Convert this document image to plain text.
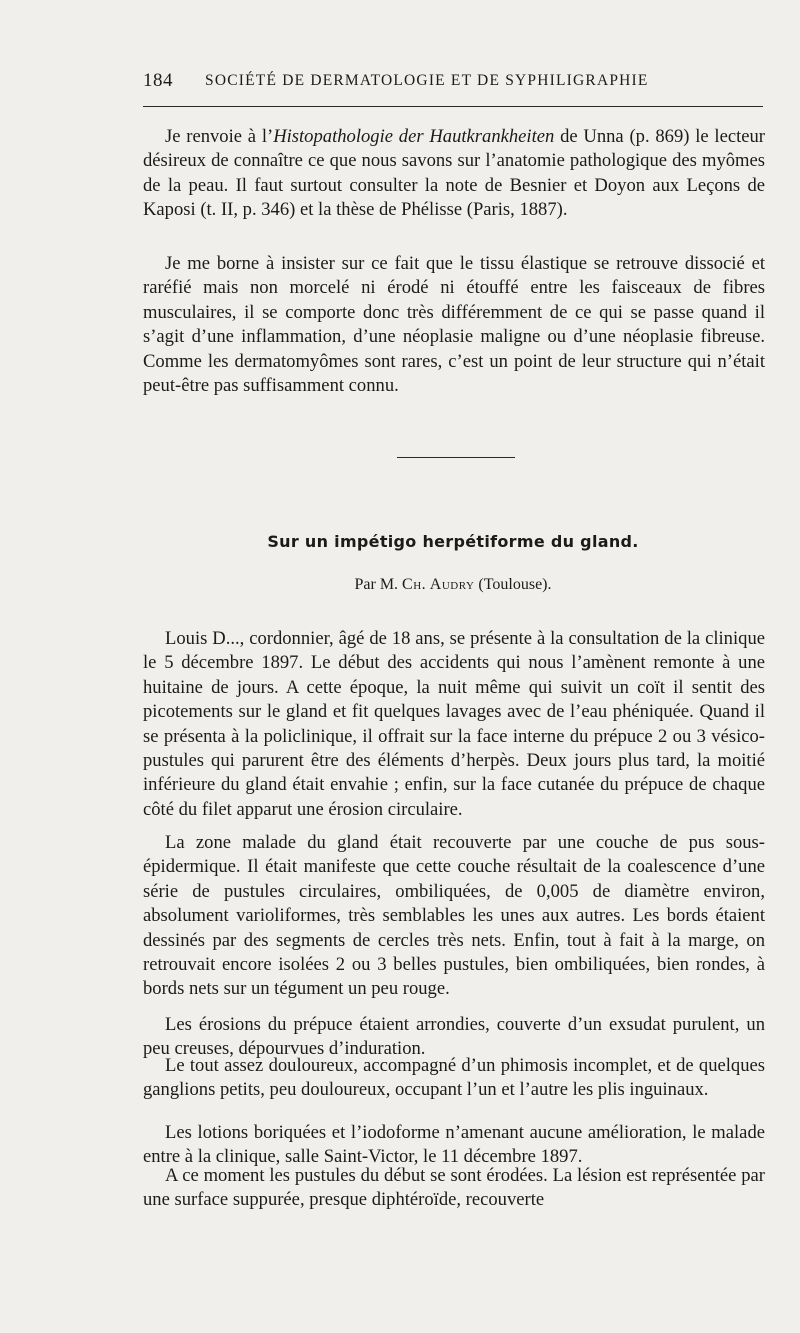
184 SOCIÉTÉ DE DERMATOLOGIE ET DE SYPHILIGRAPHIE

Je renvoie à l’Histopathologie der Hautkrankheiten de Unna (p. 869) le lecteur désireux de connaître ce que nous savons sur l’anatomie pathologique des myômes de la peau. Il faut surtout consulter la note de Besnier et Doyon aux Leçons de Kaposi (t. II, p. 346) et la thèse de Phélisse (Paris, 1887).

Je me borne à insister sur ce fait que le tissu élastique se retrouve dissocié et raréfié mais non morcelé ni érodé ni étouffé entre les faisceaux de fibres musculaires, il se comporte donc très différemment de ce qui se passe quand il s’agit d’une inflammation, d’une néoplasie maligne ou d’une néoplasie fibreuse. Comme les dermatomyômes sont rares, c’est un point de leur structure qui n’était peut-être pas suffisamment connu.

Sur un impétigo herpétiforme du gland.
Par M. Ch. Audry (Toulouse).

Louis D..., cordonnier, âgé de 18 ans, se présente à la consultation de la clinique le 5 décembre 1897. Le début des accidents qui nous l’amènent remonte à une huitaine de jours. A cette époque, la nuit même qui suivit un coït il sentit des picotements sur le gland et fit quelques lavages avec de l’eau phéniquée. Quand il se présenta à la policlinique, il offrait sur la face interne du prépuce 2 ou 3 vésico-pustules qui parurent être des éléments d’herpès. Deux jours plus tard, la moitié inférieure du gland était envahie ; enfin, sur la face cutanée du prépuce de chaque côté du filet apparut une érosion circulaire.

La zone malade du gland était recouverte par une couche de pus sous-épidermique. Il était manifeste que cette couche résultait de la coalescence d’une série de pustules circulaires, ombiliquées, de 0,005 de diamètre environ, absolument varioliformes, très semblables les unes aux autres. Les bords étaient dessinés par des segments de cercles très nets. Enfin, tout à fait à la marge, on retrouvait encore isolées 2 ou 3 belles pustules, bien ombiliquées, bien rondes, à bords nets sur un tégument un peu rouge.

Les érosions du prépuce étaient arrondies, couverte d’un exsudat purulent, un peu creuses, dépourvues d’induration.

Le tout assez douloureux, accompagné d’un phimosis incomplet, et de quelques ganglions petits, peu douloureux, occupant l’un et l’autre les plis inguinaux.

Les lotions boriquées et l’iodoforme n’amenant aucune amélioration, le malade entre à la clinique, salle Saint-Victor, le 11 décembre 1897.

A ce moment les pustules du début se sont érodées. La lésion est représentée par une surface suppurée, presque diphtéroïde, recouverte
